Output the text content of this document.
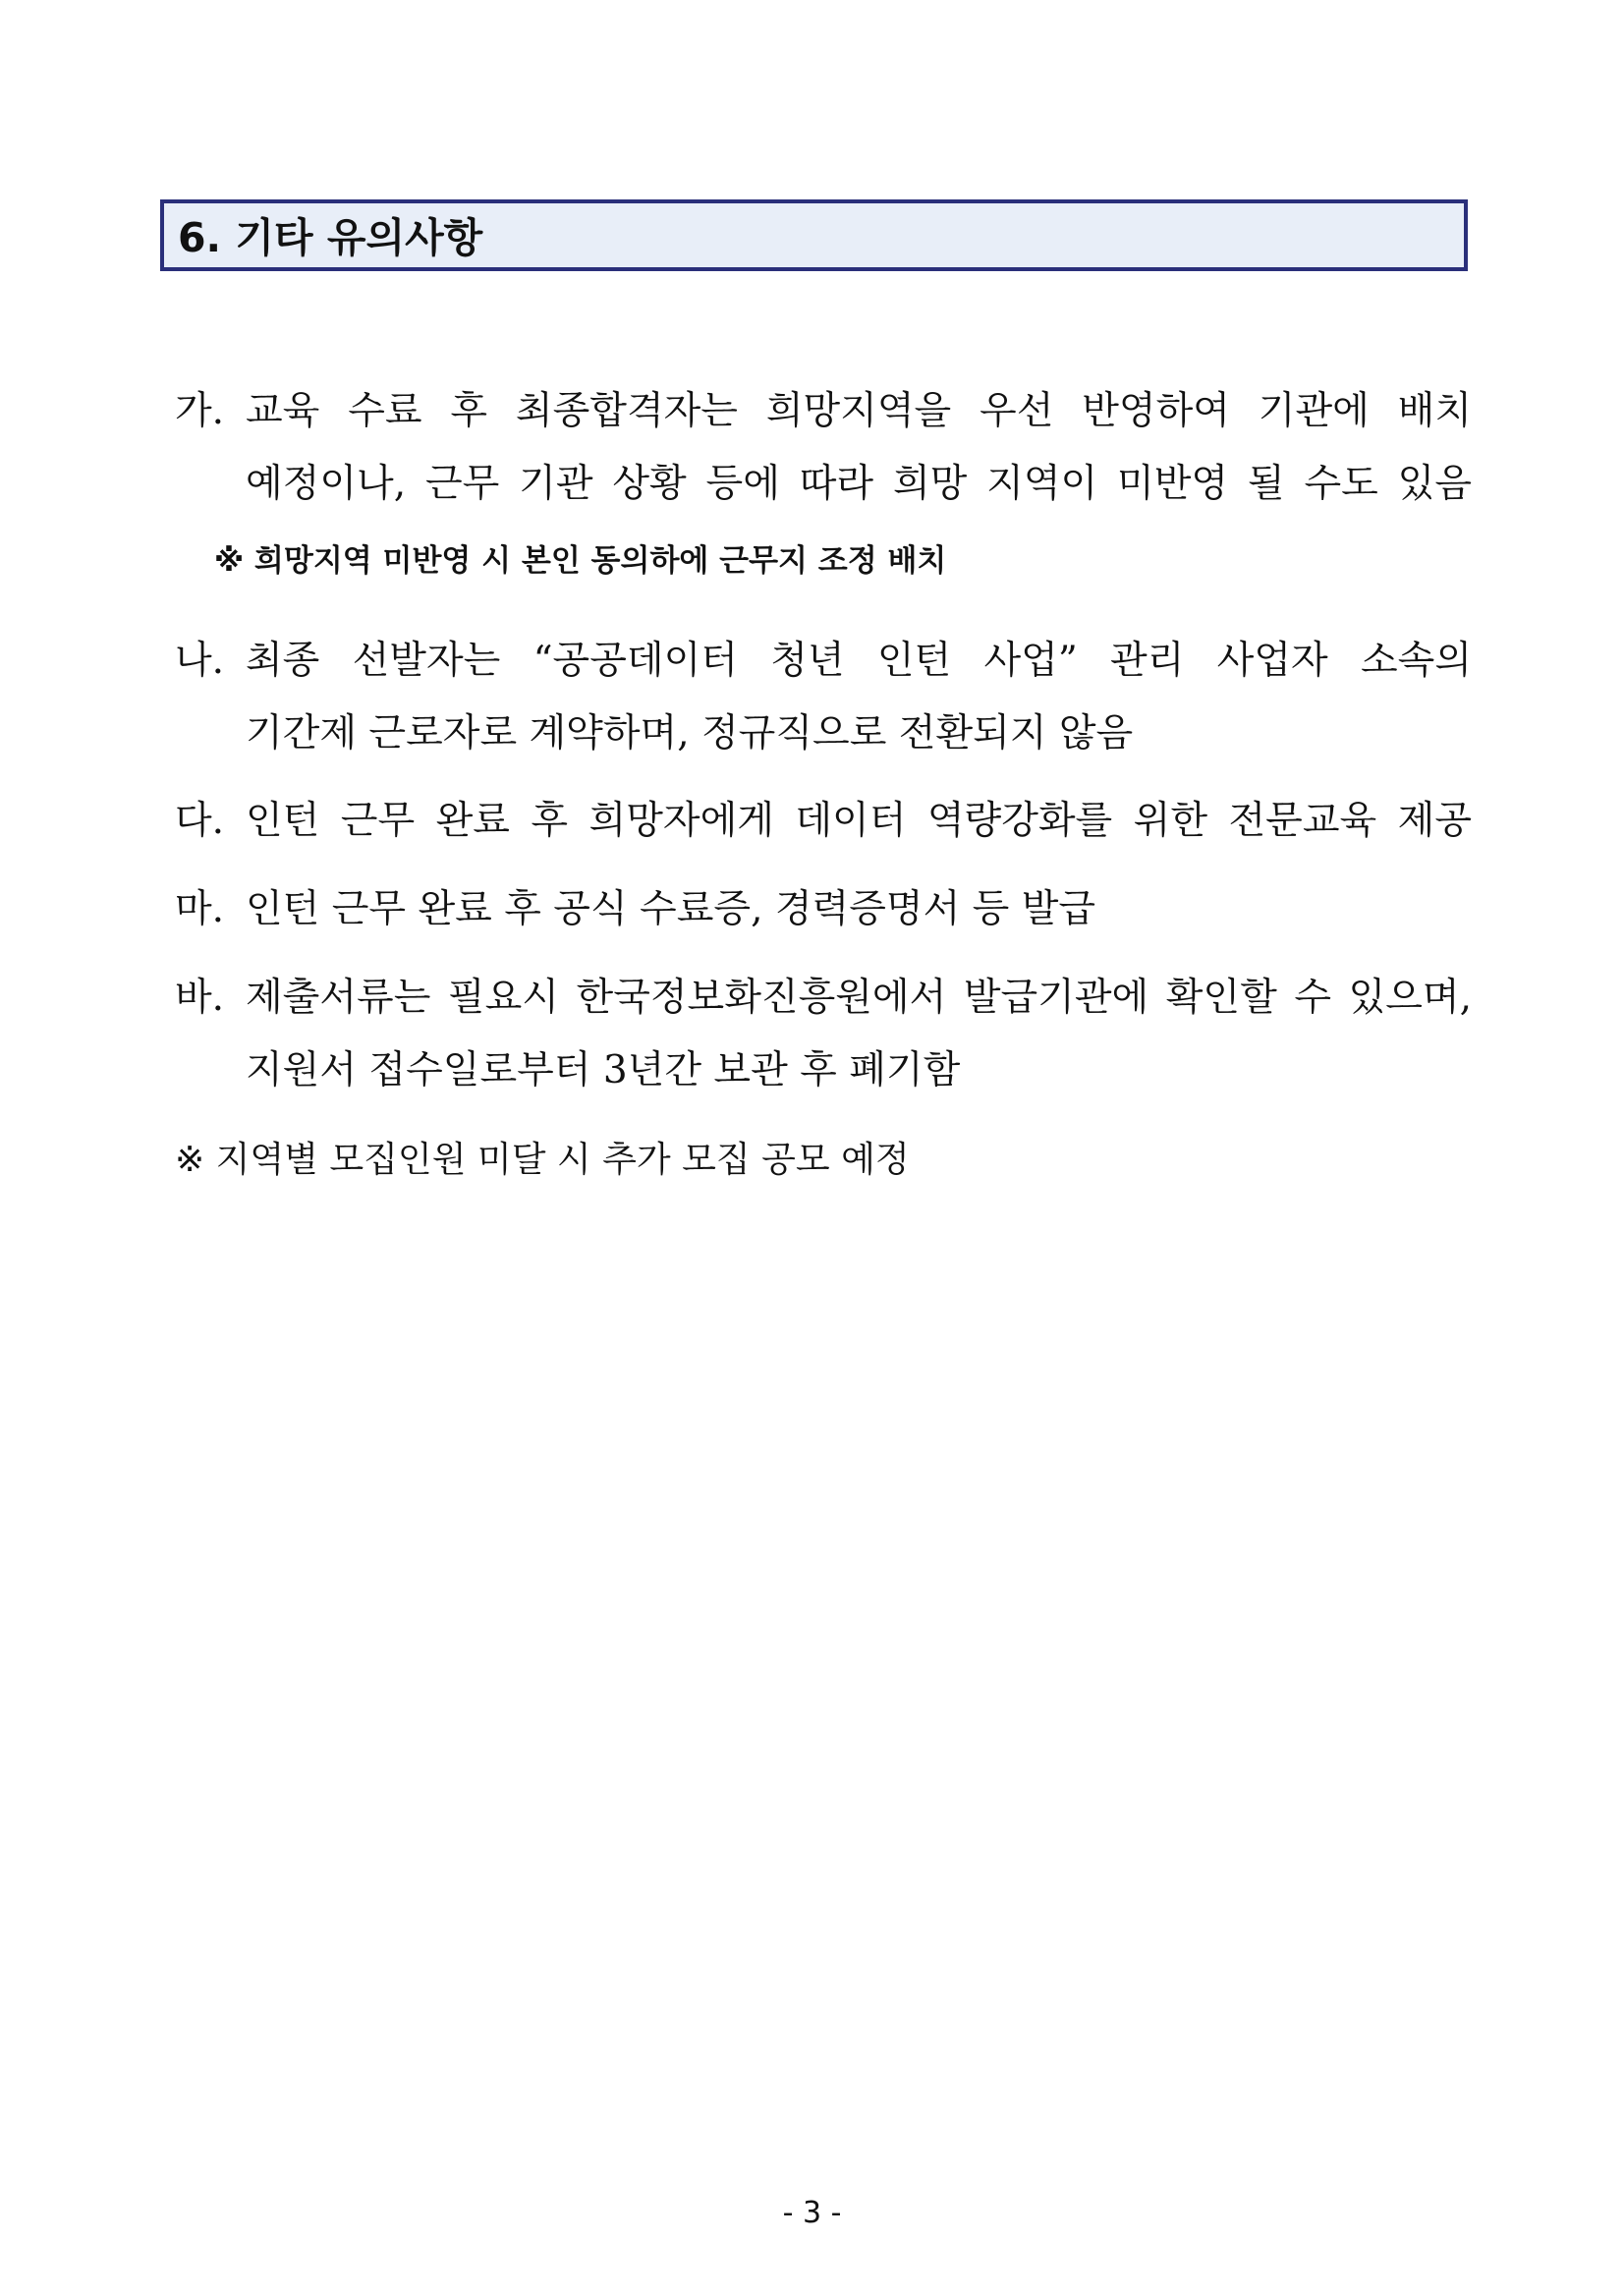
6. 기타 유의사항
가. 교육 수료 후 최종합격자는 희망지역을 우선 반영하여 기관에 배치
예정이나, 근무 기관 상황 등에 따라 희망 지역이 미반영 될 수도 있음
※ 희망지역 미반영 시 본인 동의하에 근무지 조정 배치
나. 최종 선발자는 “공공데이터 청년 인턴 사업” 관리 사업자 소속의
기간제 근로자로 계약하며, 정규직으로 전환되지 않음
다. 인턴 근무 완료 후 희망자에게 데이터 역량강화를 위한 전문교육 제공
마. 인턴 근무 완료 후 공식 수료증, 경력증명서 등 발급
바. 제출서류는 필요시 한국정보화진흥원에서 발급기관에 확인할 수 있으며,
지원서 접수일로부터 3년간 보관 후 폐기함
※ 지역별 모집인원 미달 시 추가 모집 공모 예정
- 3 -
